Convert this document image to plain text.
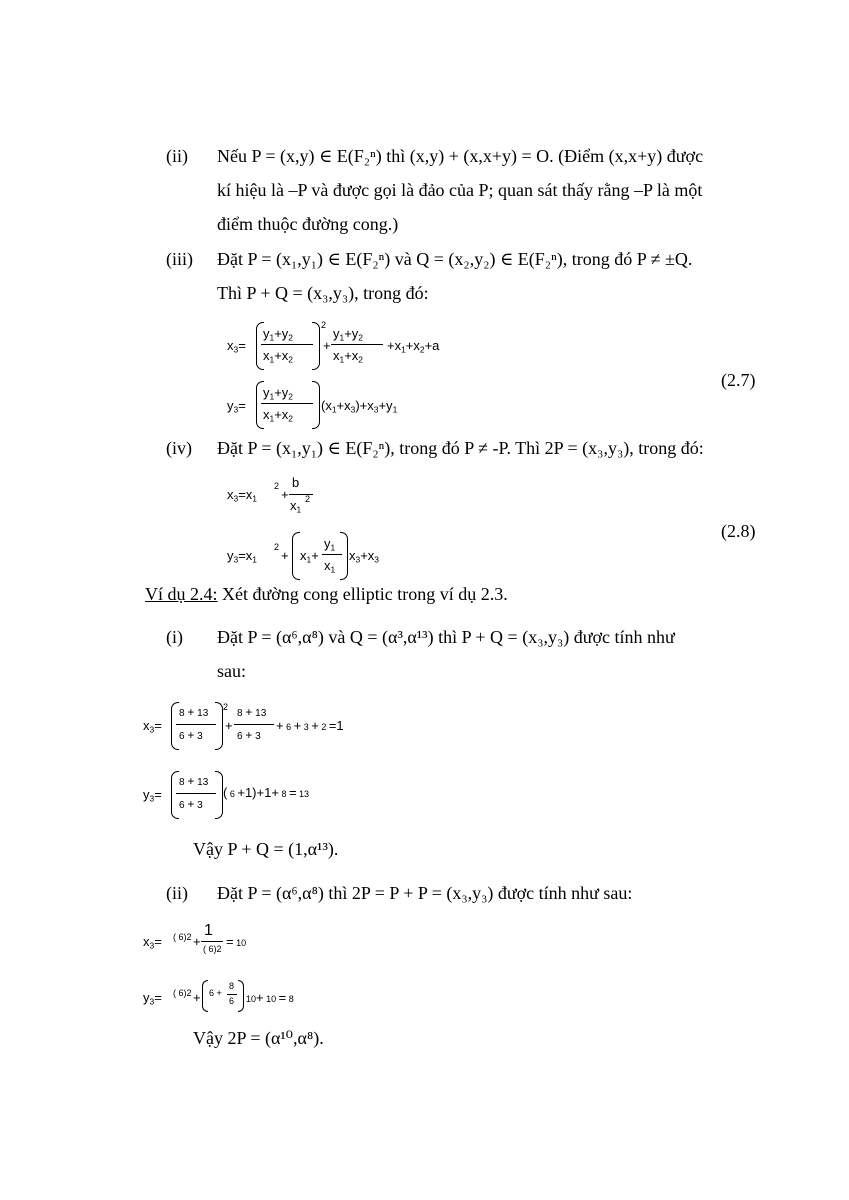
(ii) Nếu P = (x,y) ∈ E(F₂ⁿ) thì (x,y) + (x,x+y) = O. (Điểm (x,x+y) được
kí hiệu là –P và được gọi là đảo của P; quan sát thấy rằng –P là một
điểm thuộc đường cong.)
(iii) Đặt P = (x₁,y₁) ∈ E(F₂ⁿ) và Q = (x₂,y₂) ∈ E(F₂ⁿ), trong đó P ≠ ±Q.
Thì P + Q = (x₃,y₃), trong đó:
$x_3=$
$y_1+y_2$
$x_1+x_2$
2
+
$y_1+y_2$
$x_1+x_2$
$+x_1+x_2+a$
$y_3=$
$y_1+y_2$
$x_1+x_2$
$(x_1+x_3)+x_3+y_1$
(2.7)
(iv) Đặt P = (x₁,y₁) ∈ E(F₂ⁿ), trong đó P ≠ -P. Thì 2P = (x₃,y₃), trong đó:
$x_3=x_1$
2
+
b
$x_1$
2
$y_3=x_1$
2
+ $x_1+$
$y_1$
$x_1$
$x_3+x_3$
(2.8)
Ví dụ 2.4: Xét đường cong elliptic trong ví dụ 2.3.
(i) Đặt P = (α⁶,α⁸) và Q = (α³,α¹³) thì P + Q = (x₃,y₃) được tính như
sau:
$x_3=$
8 + 13
6 + 3
2
+
8 + 13
6 + 3
+ 6 + 3 + 2 =1
$y_3=$
8 + 13
6 + 3
( 6 +1)+1+ 8 = 13
Vậy P + Q = (1,α¹³).
(ii) Đặt P = (α⁶,α⁸) thì 2P = P + P = (x₃,y₃) được tính như sau:
$x_3=$ ( 6)2 +
1
( 6)2 = 10
$y_3=$ ( 6)2 + 6 +
8
6 10+ 10 = 8
Vậy 2P = (α¹⁰,α⁸).
